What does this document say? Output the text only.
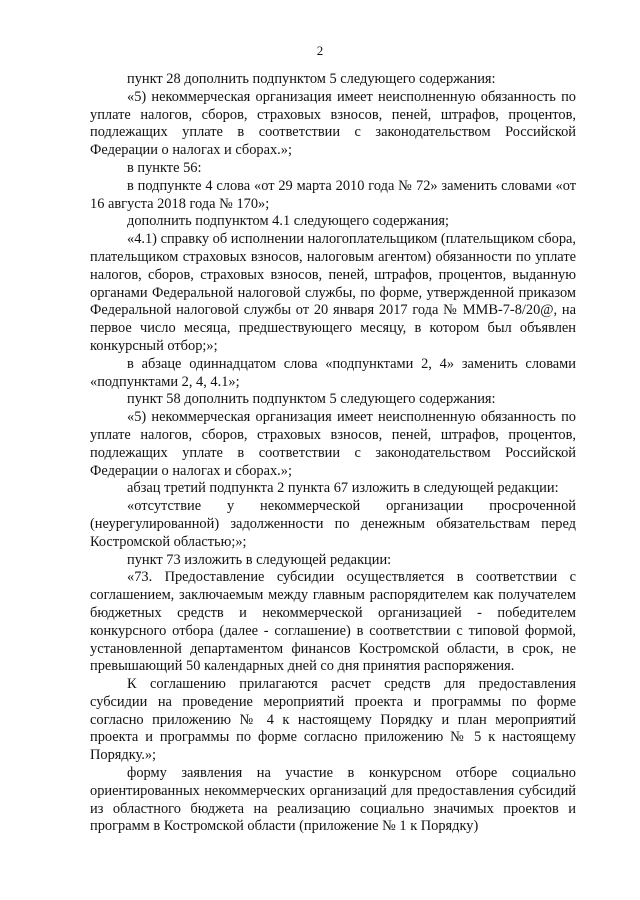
2

пункт 28 дополнить подпунктом 5 следующего содержания:

«5) некоммерческая организация имеет неисполненную обязанность по уплате налогов, сборов, страховых взносов, пеней, штрафов, процентов, подлежащих уплате в соответствии с законодательством Российской Федерации о налогах и сборах.»;

в пункте 56:

в подпункте 4 слова «от 29 марта 2010 года № 72» заменить словами «от 16 августа 2018 года № 170»;

дополнить подпунктом 4.1 следующего содержания;

«4.1) справку об исполнении налогоплательщиком (плательщиком сбора, плательщиком страховых взносов, налоговым агентом) обязанности по уплате налогов, сборов, страховых взносов, пеней, штрафов, процентов, выданную органами Федеральной налоговой службы, по форме, утвержденной приказом Федеральной налоговой службы от 20 января 2017 года № ММВ-7-8/20@, на первое число месяца, предшествующего месяцу, в котором был объявлен конкурсный отбор;»;

в абзаце одиннадцатом слова «подпунктами 2, 4» заменить словами «подпунктами 2, 4, 4.1»;

пункт 58 дополнить подпунктом 5 следующего содержания:

«5) некоммерческая организация имеет неисполненную обязанность по уплате налогов, сборов, страховых взносов, пеней, штрафов, процентов, подлежащих уплате в соответствии с законодательством Российской Федерации о налогах и сборах.»;

абзац третий подпункта 2 пункта 67 изложить в следующей редакции:

«отсутствие у некоммерческой организации просроченной (неурегулированной) задолженности по денежным обязательствам перед Костромской областью;»;

пункт 73 изложить в следующей редакции:

«73. Предоставление субсидии осуществляется в соответствии с соглашением, заключаемым между главным распорядителем как получателем бюджетных средств и некоммерческой организацией - победителем конкурсного отбора (далее - соглашение) в соответствии с типовой формой, установленной департаментом финансов Костромской области, в срок, не превышающий 50 календарных дней со дня принятия распоряжения.

К соглашению прилагаются расчет средств для предоставления субсидии на проведение мероприятий проекта и программы по форме согласно приложению № 4 к настоящему Порядку и план мероприятий проекта и программы по форме согласно приложению № 5 к настоящему Порядку.»;

форму заявления на участие в конкурсном отборе социально ориентированных некоммерческих организаций для предоставления субсидий из областного бюджета на реализацию социально значимых проектов и программ в Костромской области (приложение № 1 к Порядку)
